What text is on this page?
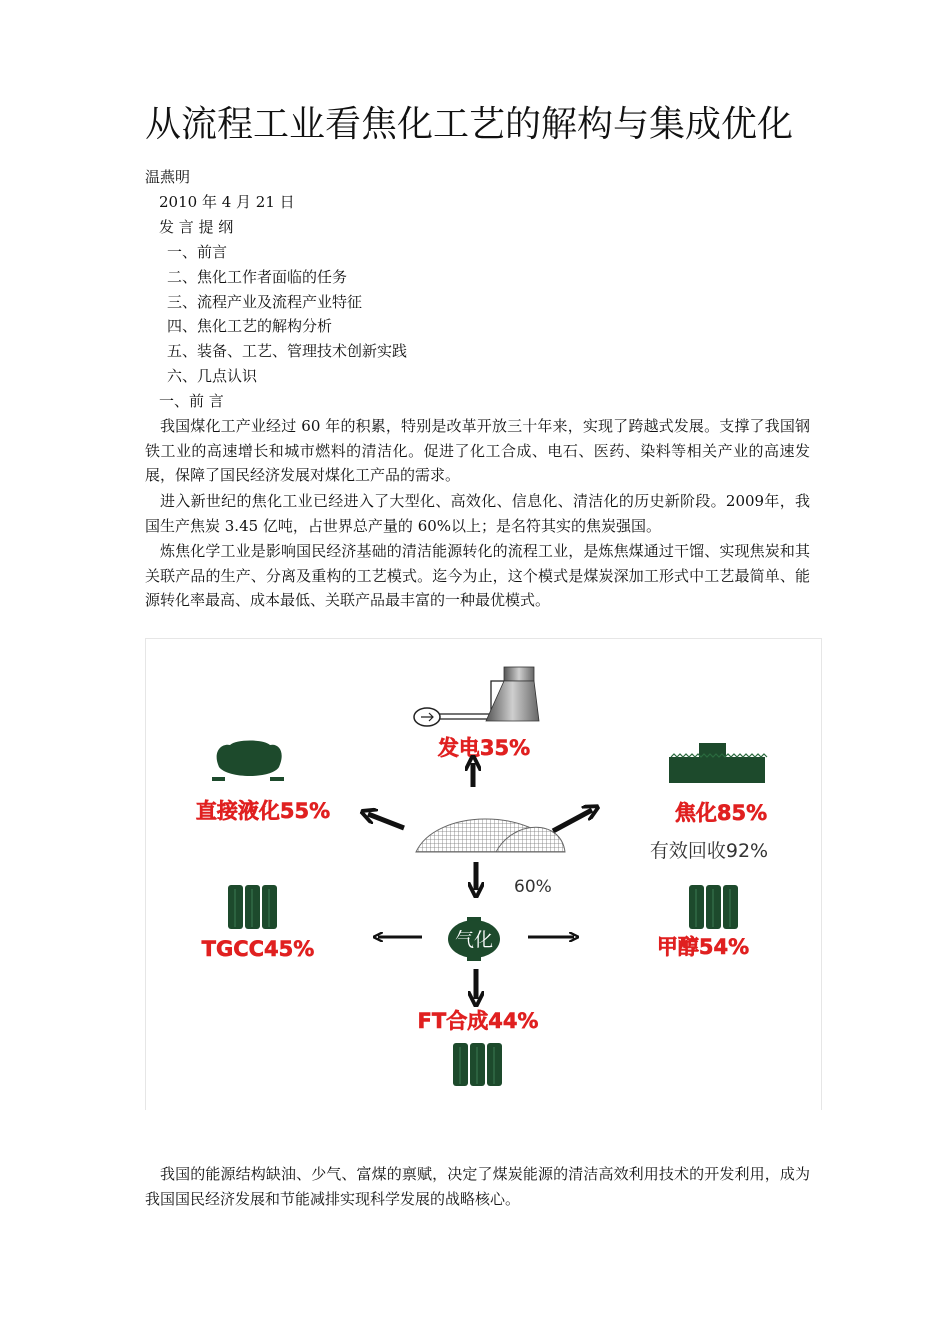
从流程工业看焦化工艺的解构与集成优化
温燕明
2010 年 4 月 21 日
发 言 提 纲
一、前言
二、焦化工作者面临的任务
三、流程产业及流程产业特征
四、焦化工艺的解构分析
五、装备、工艺、管理技术创新实践
六、几点认识
一、前 言

我国煤化工产业经过 60 年的积累，特别是改革开放三十年来，实现了跨越式发展。支撑了我国钢铁工业的高速增长和城市燃料的清洁化。促进了化工合成、电石、医药、染料等相关产业的高速发展，保障了国民经济发展对煤化工产品的需求。

进入新世纪的焦化工业已经进入了大型化、高效化、信息化、清洁化的历史新阶段。2009年，我国生产焦炭 3.45 亿吨，占世界总产量的 60%以上；是名符其实的焦炭强国。

炼焦化学工业是影响国民经济基础的清洁能源转化的流程工业，是炼焦煤通过干馏、实现焦炭和其关联产品的生产、分离及重构的工艺模式。迄今为止，这个模式是煤炭深加工形式中工艺最简单、能源转化率最高、成本最低、关联产品最丰富的一种最优模式。

发电35%
直接液化55%	焦化85%
有效回收92%
60%
TGCC45%	甲醇54%
气化
FT合成44%

我国的能源结构缺油、少气、富煤的禀赋，决定了煤炭能源的清洁高效利用技术的开发利用，成为我国国民经济发展和节能减排实现科学发展的战略核心。
